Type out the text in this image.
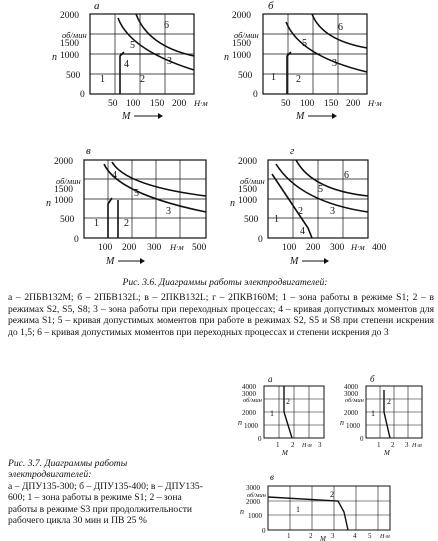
а
2000
об/мин
1500
n 1000
500
0
50 100 150 200 Н·м
M
1	2
3
4
5
6
б
2000
об/мин
1500
n 1000
500
0
50 100 150 200 Н·м
M
1 2
3
5
6
в
2000
об/мин
1500
n 1000
500
0
100 200 300 Н·м 500
M
1	2
3
4
5
г
2000
об/мин
1500
n 1000
500
0
100 200 300 Н·м 400
M
1
2	3
4
5
6
Рис. 3.6. Диаграммы работы электродвигателей:
а – 2ПБВ132М; б – 2ПБВ132L; в – 2ПКВ132L; г – 2ПКВ160М; 1 – зона работы в режиме S1; 2 – в режимах S2, S5, S8; 3 – зона работы при переходных процессах; 4 – кривая допустимых моментов для режима S1; 5 – кривая допустимых моментов при работе в режимах S2, S5 и S8 при степени искрения до 1,5; 6 – кривая допустимых моментов при переходных процессах и степени искрения до 3
а
4000
об/мин
3000
2000
n 1000
0
1 2 Н·м 3
M
1
2
б
4000
об/мин
3000
2000
n 1000
0
1 2 3 Н·м
M
1
2
в
3000
об/мин
2000
n 1000
0
1	2	3	4 5 Н·м
M
1
2
Рис. 3.7. Диаграммы работы электродвигателей:
а – ДПУ135-300; б – ДПУ135-400; в – ДПУ135-600; 1 – зона работы в режиме S1; 2 – зона работы в режиме S3 при продолжительности рабочего цикла 30 мин и ПВ 25 %
